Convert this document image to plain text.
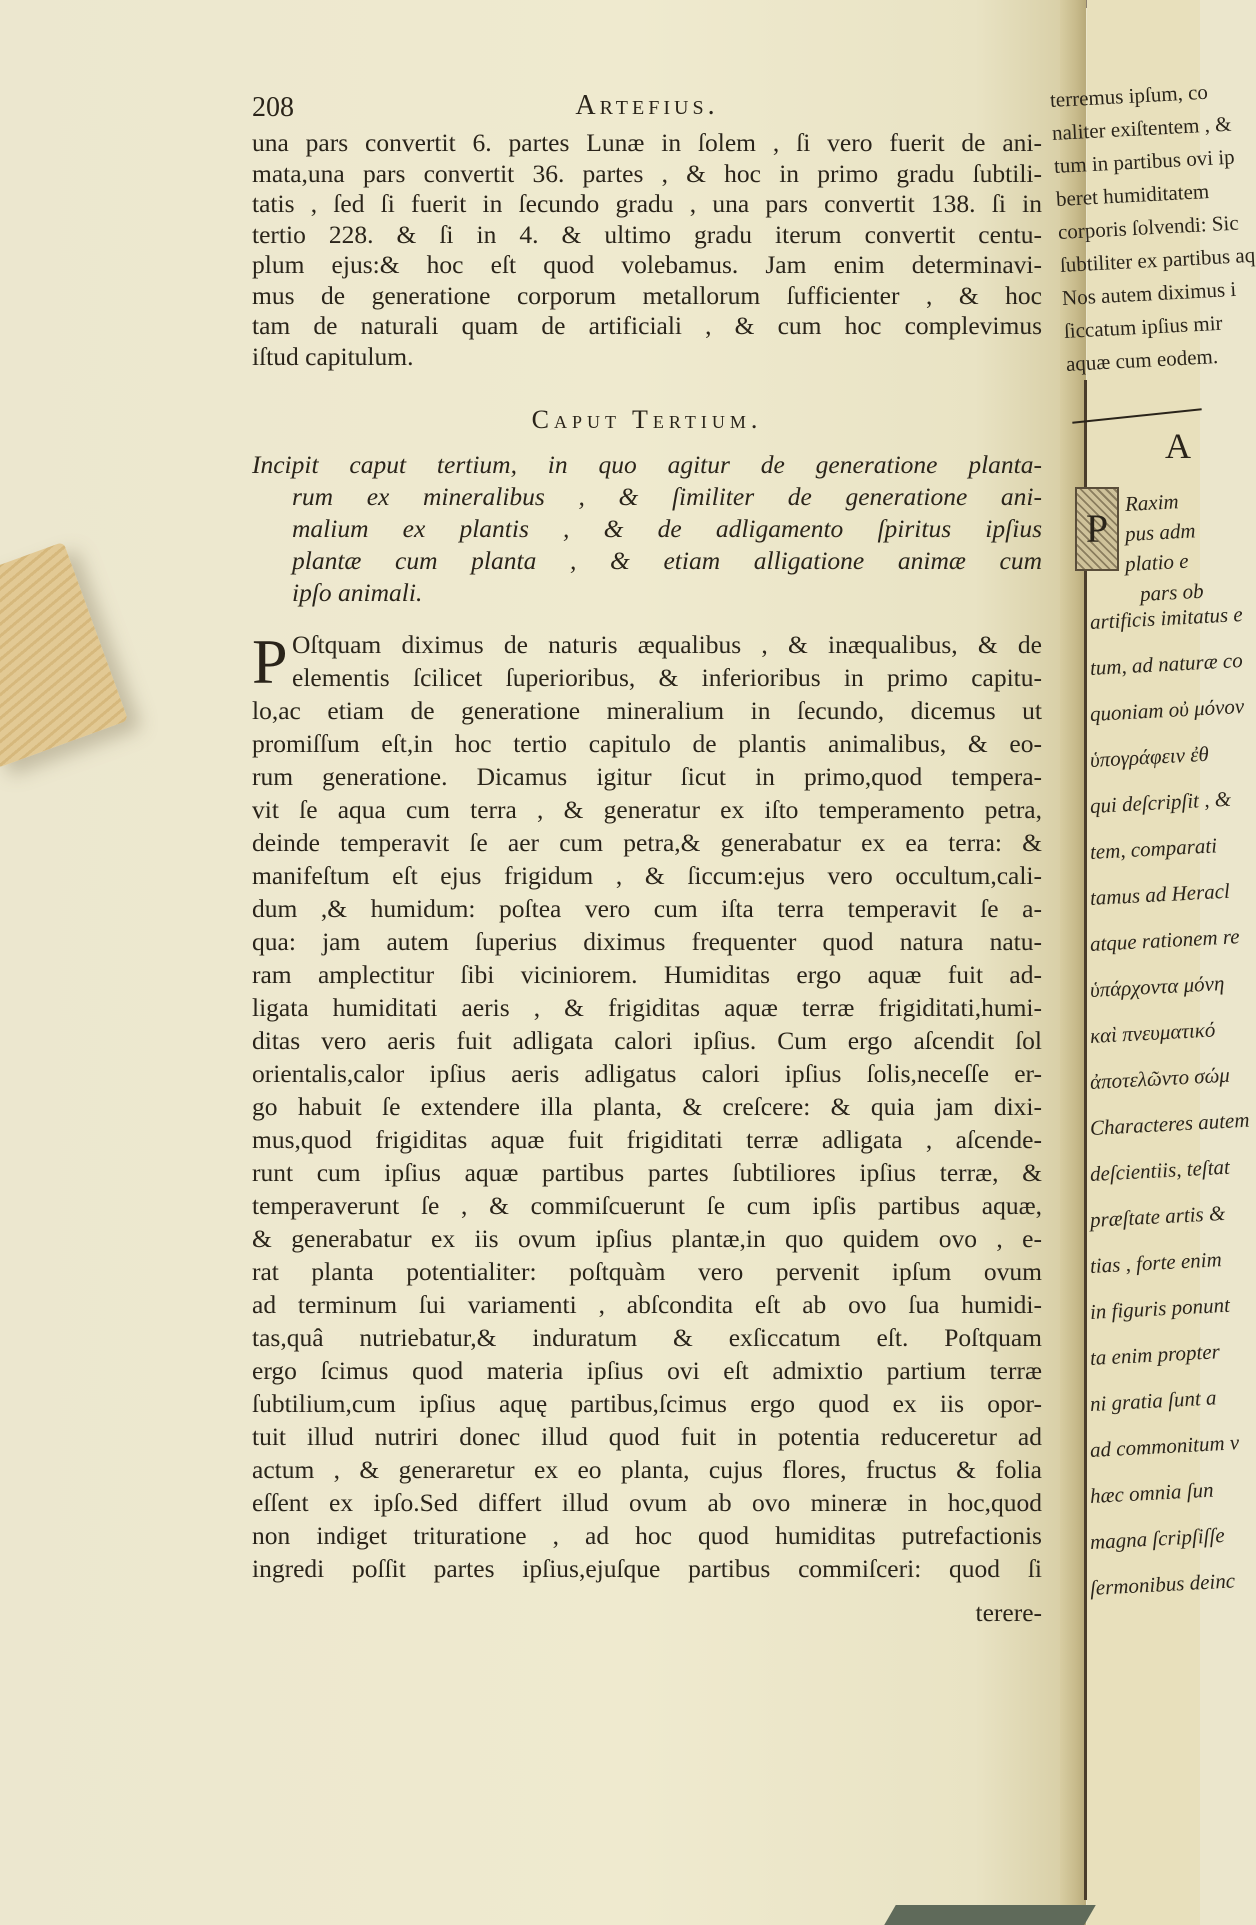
208	Artefius.
una pars convertit 6. partes Lunæ in ſolem , ſi vero fuerit de ani-
mata,una pars convertit 36. partes , & hoc in primo gradu ſubtili-
tatis , ſed ſi fuerit in ſecundo gradu , una pars convertit 138. ſi in
tertio 228. & ſi in 4. & ultimo gradu iterum convertit centu-
plum ejus:& hoc eſt quod volebamus. Jam enim determinavi-
mus de generatione corporum metallorum ſufficienter , & hoc
tam de naturali quam de artificiali , & cum hoc complevimus
iſtud capitulum.
Caput Tertium.
Incipit caput tertium, in quo agitur de generatione planta-
rum ex mineralibus , & ſimiliter de generatione ani-
malium ex plantis , & de adligamento ſpiritus ipſius
plantæ cum planta , & etiam alligatione animæ cum
ipſo animali.
P Oſtquam diximus de naturis æqualibus , & inæqualibus, & de
elementis ſcilicet ſuperioribus, & inferioribus in primo capitu-
lo,ac etiam de generatione mineralium in ſecundo, dicemus ut
promiſſum eſt,in hoc tertio capitulo de plantis animalibus, & eo-
rum generatione. Dicamus igitur ſicut in primo,quod tempera-
vit ſe aqua cum terra , & generatur ex iſto temperamento petra,
deinde temperavit ſe aer cum petra,& generabatur ex ea terra: &
manifeſtum eſt ejus frigidum , & ſiccum:ejus vero occultum,cali-
dum ,& humidum: poſtea vero cum iſta terra temperavit ſe a-
qua: jam autem ſuperius diximus frequenter quod natura natu-
ram amplectitur ſibi viciniorem. Humiditas ergo aquæ fuit ad-
ligata humiditati aeris , & frigiditas aquæ terræ frigiditati,humi-
ditas vero aeris fuit adligata calori ipſius. Cum ergo aſcendit ſol
orientalis,calor ipſius aeris adligatus calori ipſius ſolis,neceſſe er-
go habuit ſe extendere illa planta, & creſcere: & quia jam dixi-
mus,quod frigiditas aquæ fuit frigiditati terræ adligata , aſcende-
runt cum ipſius aquæ partibus partes ſubtiliores ipſius terræ, &
temperaverunt ſe , & commiſcuerunt ſe cum ipſis partibus aquæ,
& generabatur ex iis ovum ipſius plantæ,in quo quidem ovo , e-
rat planta potentialiter: poſtquàm vero pervenit ipſum ovum
ad terminum ſui variamenti , abſcondita eſt ab ovo ſua humidi-
tas,quâ nutriebatur,& induratum & exſiccatum eſt. Poſtquam
ergo ſcimus quod materia ipſius ovi eſt admixtio partium terræ
ſubtilium,cum ipſius aquę partibus,ſcimus ergo quod ex iis opor-
tuit illud nutriri donec illud quod fuit in potentia reduceretur ad
actum , & generaretur ex eo planta, cujus flores, fructus & folia
eſſent ex ipſo.Sed differt illud ovum ab ovo mineræ in hoc,quod
non indiget trituratione , ad hoc quod humiditas putrefactionis
ingredi poſſit partes ipſius,ejuſque partibus commiſceri: quod ſi
terere-
A
P
terremus ipſum, co
naliter exiſtentem , &
tum in partibus ovi ip
beret humiditatem
corporis ſolvendi: Sic
ſubtiliter ex partibus aq
Nos autem diximus i
ſiccatum ipſius mir
aquæ cum eodem.
Raxim
pus adm
platio e
pars ob
artificis imitatus e
tum, ad naturæ co
quoniam οὐ μόνον
ὑπογράφειν ἐθ
qui deſcripſit , &
tem, comparati
tamus ad Heracl
atque rationem re
ὑπάρχοντα μόνη
καὶ πνευματικό
ἀποτελῶντο σώμ
Characteres autem
deſcientiis, teſtat
præſtate artis &
tias , forte enim
in figuris ponunt
ta enim propter
ni gratia ſunt a
ad commonitum v
hæc omnia ſun
magna ſcripſiſſe
ſermonibus deinc
